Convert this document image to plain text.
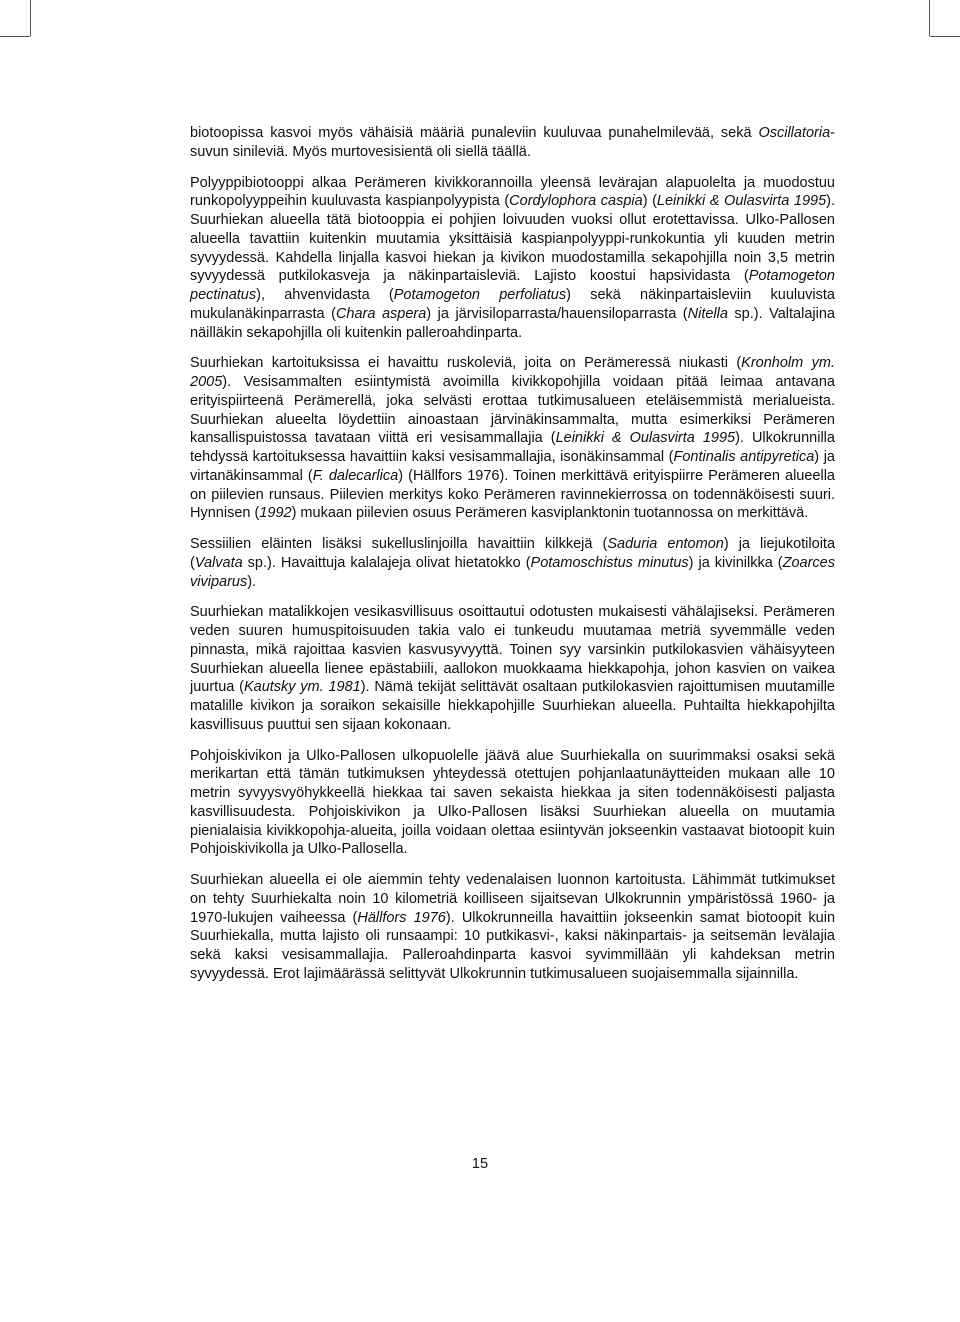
biotoopissa kasvoi myös vähäisiä määriä punaleviin kuuluvaa punahelmilevää, sekä Oscillatoria-suvun sinileviä. Myös murtovesisientä oli siellä täällä.

Polyyppibiotooppi alkaa Perämeren kivikkorannoilla yleensä levärajan alapuolelta ja muodostuu runkopolyyppeihin kuuluvasta kaspianpolyypista (Cordylophora caspia) (Leinikki & Oulasvirta 1995). Suurhiekan alueella tätä biotooppia ei pohjien loivuuden vuoksi ollut erotettavissa. Ulko-Pallosen alueella tavattiin kuitenkin muutamia yksittäisiä kaspianpolyyppi-runkokuntia yli kuuden metrin syvyydessä. Kahdella linjalla kasvoi hiekan ja kivikon muodostamilla sekapohjilla noin 3,5 metrin syvyydessä putkilokasveja ja näkinpartaisleviä. Lajisto koostui hapsividasta (Potamogeton pectinatus), ahvenvidasta (Potamogeton perfoliatus) sekä näkinpartaisleviin kuuluvista mukulanäkinparrasta (Chara aspera) ja järvisiloparrasta/hauensiloparrasta (Nitella sp.). Valtalajina näilläkin sekapohjilla oli kuitenkin palleroahdinparta.

Suurhiekan kartoituksissa ei havaittu ruskoleviä, joita on Perämeressä niukasti (Kronholm ym. 2005). Vesisammalten esiintymistä avoimilla kivikkopohjilla voidaan pitää leimaa antavana erityispiirteenä Perämerellä, joka selvästi erottaa tutkimusalueen eteläisemmistä merialueista. Suurhiekan alueelta löydettiin ainoastaan järvinäkinsammalta, mutta esimerkiksi Perämeren kansallispuistossa tavataan viittä eri vesisammallajia (Leinikki & Oulasvirta 1995). Ulkokrunnilla tehdyssä kartoituksessa havaittiin kaksi vesisammallajia, isonäkinsammal (Fontinalis antipyretica) ja virtanäkinsammal (F. dalecarlica) (Hällfors 1976). Toinen merkittävä erityispiirre Perämeren alueella on piilevien runsaus. Piilevien merkitys koko Perämeren ravinnekierrossa on todennäköisesti suuri. Hynnisen (1992) mukaan piilevien osuus Perämeren kasviplanktonin tuotannossa on merkittävä.

Sessiilien eläinten lisäksi sukelluslinjoilla havaittiin kilkkejä (Saduria entomon) ja liejukotiloita (Valvata sp.). Havaittuja kalalajeja olivat hietatokko (Potamoschistus minutus) ja kivinilkka (Zoarces viviparus).

Suurhiekan matalikkojen vesikasvillisuus osoittautui odotusten mukaisesti vähälajiseksi. Perämeren veden suuren humuspitoisuuden takia valo ei tunkeudu muutamaa metriä syvemmälle veden pinnasta, mikä rajoittaa kasvien kasvusyvyyttä. Toinen syy varsinkin putkilokasvien vähäisyyteen Suurhiekan alueella lienee epästabiili, aallokon muokkaama hiekkapohja, johon kasvien on vaikea juurtua (Kautsky ym. 1981). Nämä tekijät selittävät osaltaan putkilokasvien rajoittumisen muutamille matalille kivikon ja soraikon sekaisille hiekkapohjille Suurhiekan alueella. Puhtailta hiekkapohjilta kasvillisuus puuttui sen sijaan kokonaan.

Pohjoiskivikon ja Ulko-Pallosen ulkopuolelle jäävä alue Suurhiekalla on suurimmaksi osaksi sekä merikartan että tämän tutkimuksen yhteydessä otettujen pohjanlaatunäytteiden mukaan alle 10 metrin syvyysvyöhykkeellä hiekkaa tai saven sekaista hiekkaa ja siten todennäköisesti paljasta kasvillisuudesta. Pohjoiskivikon ja Ulko-Pallosen lisäksi Suurhiekan alueella on muutamia pienialaisia kivikkopohja-alueita, joilla voidaan olettaa esiintyvän jokseenkin vastaavat biotoopit kuin Pohjoiskivikolla ja Ulko-Pallosella.

Suurhiekan alueella ei ole aiemmin tehty vedenalaisen luonnon kartoitusta. Lähimmät tutkimukset on tehty Suurhiekalta noin 10 kilometriä koilliseen sijaitsevan Ulkokrunnin ympäristössä 1960- ja 1970-lukujen vaiheessa (Hällfors 1976). Ulkokrunneilla havaittiin jokseenkin samat biotoopit kuin Suurhiekalla, mutta lajisto oli runsaampi: 10 putkikasvi-, kaksi näkinpartais- ja seitsemän levälajia sekä kaksi vesisammallajia. Palleroahdinparta kasvoi syvimmillään yli kahdeksan metrin syvyydessä. Erot lajimäärässä selittyvät Ulkokrunnin tutkimusalueen suojaisemmalla sijainnilla.

15
